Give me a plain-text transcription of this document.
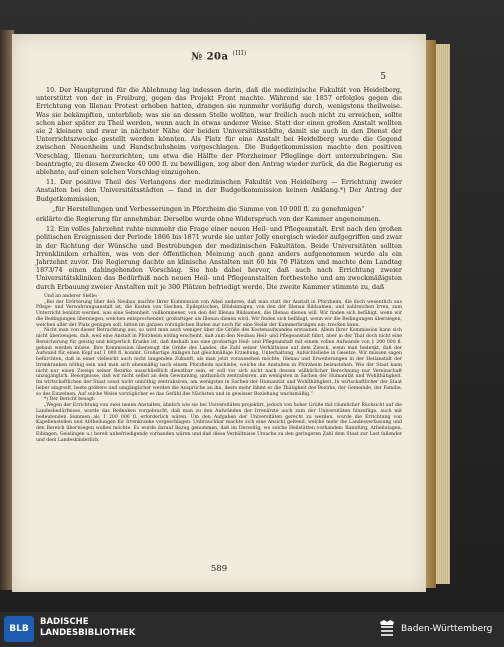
№ 20a $^{(III)}$
5

10. Der Hauptgrund für die Ablehnung lag indessen darin, daß die medizinische Fakultät von Heidelberg, unterstützt von der in Freiburg, gegen das Projekt Front machte. Während sie 1857 erfolglos gegen die Errichtung von Illenau Protest erhoben hatten, drangen sie nunmehr vorläufig durch, wenigstens theilweise. Was sie bekämpften, unterblieb; was sie an dessen Stelle wollten, war freilich auch nicht zu erreichen, sollte schon aber später zu Theil werden, wenn auch in etwas anderer Weise. Statt der einen großen Anstalt wollten sie 2 kleinere und zwar in nächster Nähe der beiden Universitätsstädte, damit sie auch in den Dienst der Unterrichtszwecke gestellt werden könnten. Als Platz für eine Anstalt bei Heidelberg wurde die Gegend zwischen Neuenheim und Handschuhsheim vorgeschlagen. Die Budgetkommission machte den positiven Vorschlag, Illenau herzurichten, um etwa die Hälfte der Pforzheimer Pfleglinge dort unterzubringen. Sie beantragte, zu diesem Zwecke 40 000 fl. zu bewilligen, zog aber den Antrag wieder zurück, da die Regierung es ablehnte, auf einen solchen Vorschlag einzugehen.

11. Der positive Theil des Verlangens der medizinischen Fakultät von Heidelberg — Errichtung zweier Anstalten bei den Universitätsstädten — fand in der Budgetkommission keinen Anklang.*) Der Antrag der Budgetkommission,

„für Herstellungen und Verbesserungen in Pforzheim die Summe von 10 000 fl. zu genehmigen“

erklärte die Regierung für annehmbar. Derselbe wurde ohne Widerspruch von der Kammer angenommen.

12. Ein volles Jahrzehnt ruhte nunmehr die Frage einer neuen Heil- und Pflegeanstalt. Erst nach den großen politischen Ereignissen der Periode 1866 bis 1871 wurde sie unter Jolly energisch wieder aufgegriffen und zwar in der Richtung der Wünsche und Bestrebungen der medizinischen Fakultäten. Beide Universitäten sollten Irrenkliniken erhalten, was von der öffentlichen Meinung auch ganz anders aufgenommen wurde als ein Jahrzehnt zuvor. Die Regierung dachte an klinische Anstalten mit 60 bis 70 Plätzen und machte dem Landtag 1873/74 einen dahingehenden Vorschlag. Sie hob dabei hervor, daß auch nach Errichtung zweier Universitätskliniken das Bedürfniß nach neuen Heil- und Pflegeanstalten fortbestehe und am zweckmäßigsten durch Erbauung zweier Anstalten mit je 300 Plätzen befriedigt werde. Die zweite Kammer stimmte zu, daß

Und an anderer Stelle:

„Bei der Erörterung über den Neubau machte Ihrer Kommission von Allen anderen, daß man statt der Anstalt in Pforzheim, die doch wesentlich aus Pflege- und Verwahrungsanstalt ist, die Kosten von Siechen, Epileptischen, Blödsinnigen, von den der Illenau Bildsamen, und zahlreichen Irren, zum Unterricht benützt werden, was eine Seltenheit, vollkommener, von den der Illenau Bildsamen, die Illenau dienen will. Wir finden sich befähigt, wenn wir die Bedingungen übersiegen, welchen entsprechender, großartiger als Illenau dienen wird. Wir finden sich befähigt, wenn wir die Bedingungen übersiegen, welchen aller der Platz genügen soll, bitten im ganzen vorzüglichen Baden nur noch für eine Stelle der Kammerbringen ein- trecken kann.

Nicht man von dieser Betrachtung aus, so wird man auch weniger über die Größe des Kostenaufwandes erstaunen. Allein Ihrer Kommission kann sich nicht überzeugen, daß, weil eine Anstalt in Pforzheim nöthig erscheint, daß zum den Neubau Heil- und Pflegeanstalt führt, aber in der That doch nicht eine Bereicherung für geistig und körperlich Kranke ist, daß deshalb aus eine großartige Heil- und Pflegeanstalt mit einem vollen Aufwande von 1 200 000 fl. gebaut werden müsse. Ihre Kommission überzeugt die Größe des Landes, die Zahl seiner Verhältnisse auf dem Zweck, wenn man bedenkt, daß der Aufwand für einen Kopf auf 1 000 fl. kommt. Großartige Anlagen hat gleichmäßige Erziehung, Unterhaltung, Aufsichtsliebe in Gesetze. Wir müssen sagen befürchten, daß in einer vielleicht auch nicht langenden Zukunft, als man jetzt voraussehen möchte, Illenau und Erweiterungen in der Heilanstalt der Irrenkranken nöthig sein und man sich ebenmäßig nach einem Pforzheim nachlebe, welche die Anstalten in Pforzheim beizustehen. Wie der Staat kann nicht nur einen Zweigs seiner Bezirke ausschließlich dienstbar sein, er soll vor sich nicht nach dessen willkürlicher Berechnung nur Vereinschaft unzugänglich. Besorgnisse, daß wir nicht selbst an dem Gewinnung, unthunlich zentralisiren, am wenigsten in Sachen der Humanität und Wohlthätigkeit. Im wirtschaftlichen der Staat sonst nicht unnöthig zentralisiren, am wenigsten in Sachen der Humanität und Wohlthätigkeit. In wirtschaftlicher der Staat lieber eingreift, beste größere und umgänglicher werden die Ansprüche an ihn, desto mehr lähmt er die Thätigkeit des Bezirks, der Gemeinde, der Familie, so des Einzelnen. Auf solche Weise vorzüglicher es das Gefühl des Nächsten und in gewisser Beziehung wachsmäßig.“

*) Der Bericht besagt:

„Wegen der Errichtung von zwei neuen Anstalten, ähnlich wie sie bei Universitäten projektirt, jedoch von hoher Größe mit räumlicher Rücksicht auf die Landesbedürfnisse, wurde das Bedenken vorgebracht, daß man zu den Aufwänden der Irrenärzte auch zum der Universitäten hinzufüge, auch mit bedeutenden Summen als 1 200 000 fl. erforderlich wären. Um den Aufgaben der Universitäten gerecht zu werden, wurde die Errichtung von Kapellenstellen und Abtheilungen für Irrenkranke vorgeschlagen. Unbrauchbar machte sich eine Ansicht geltend, welche mehr die Landesverfassung und den Bereich überwiegen wollen möchte. Es wurde darauf Bezug genommen, daß im Derzeitig, wo solche Heilstätten vorhanden: Rannfurg, Arbeitstagen, Eibingen, Geislingen u.) bereit unbefriedigende vorhanden wären und daß diese Verhältnisse Ursache zu den geringeren Zahl dem Staat zur Last fallender und dem Landeskinderlich.

589
BLB
BADISCHE
LANDESBIBLIOTHEK	Baden-Württemberg
